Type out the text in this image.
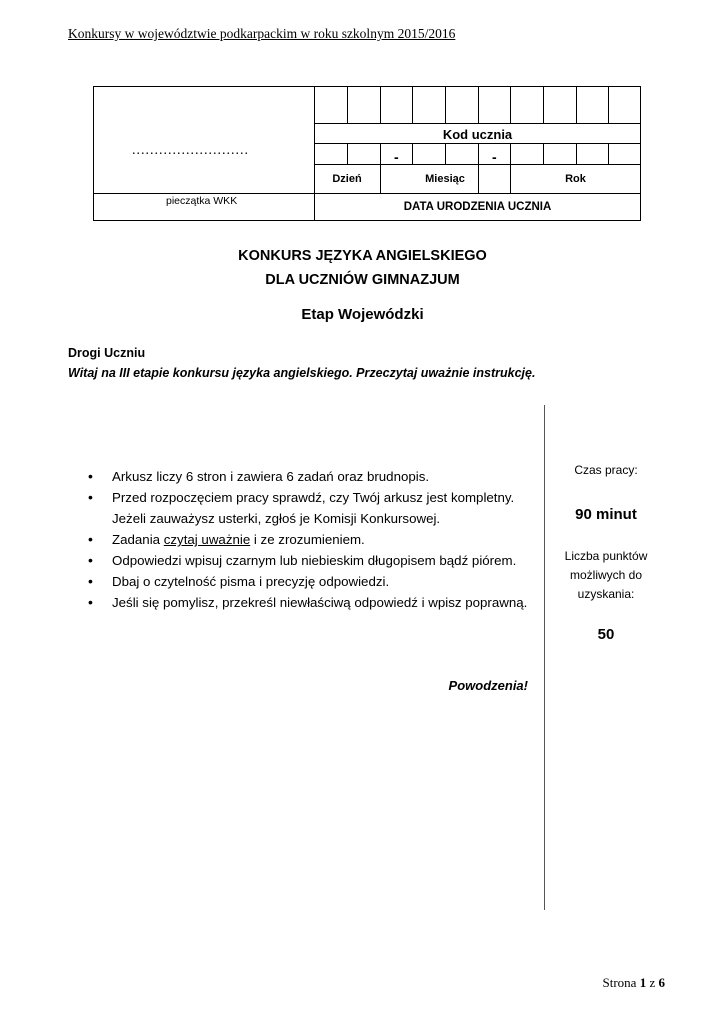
Konkursy w województwie podkarpackim w roku szkolnym 2015/2016
..........................
pieczątka WKK
Kod ucznia
-	-
Dzień	Miesiąc	Rok
DATA URODZENIA UCZNIA
KONKURS JĘZYKA ANGIELSKIEGO
DLA UCZNIÓW GIMNAZJUM
Etap Wojewódzki
Drogi Uczniu
Witaj na III etapie konkursu języka angielskiego. Przeczytaj uważnie instrukcję.
• Arkusz liczy 6 stron i zawiera 6 zadań oraz brudnopis.
• Przed rozpoczęciem pracy sprawdź, czy Twój arkusz jest kompletny. Jeżeli zauważysz usterki, zgłoś je Komisji Konkursowej.
• Zadania czytaj uważnie i ze zrozumieniem.
• Odpowiedzi wpisuj czarnym lub niebieskim długopisem bądź piórem.
• Dbaj o czytelność pisma i precyzję odpowiedzi.
• Jeśli się pomylisz, przekreśl niewłaściwą odpowiedź i wpisz poprawną.
Powodzenia!
Czas pracy:
90 minut
Liczba punktów
możliwych do
uzyskania:
50
Strona 1 z 6
